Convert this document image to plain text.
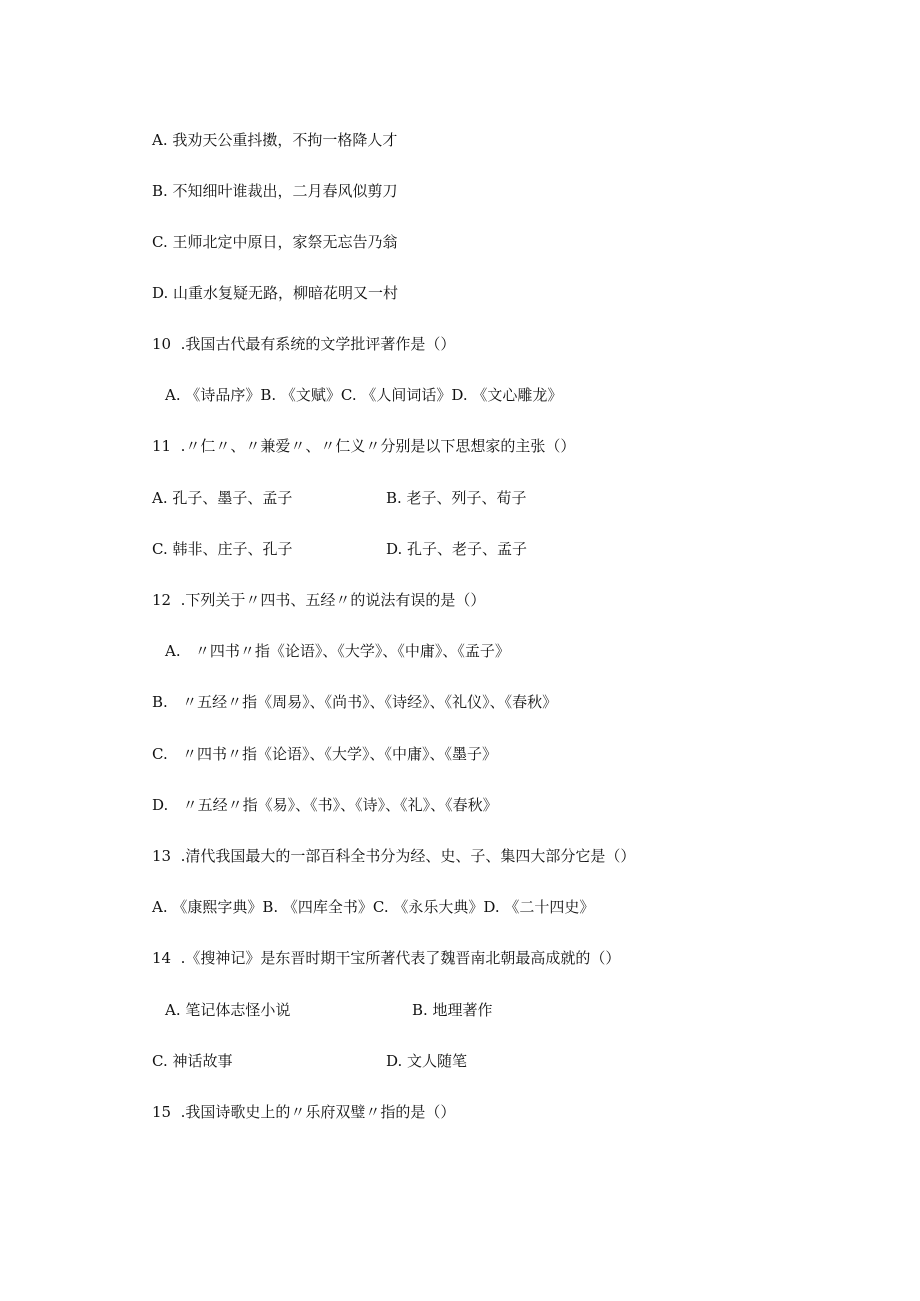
A. 我劝天公重抖擞，不拘一格降人才
B. 不知细叶谁裁出，二月春风似剪刀
C. 王师北定中原日，家祭无忘告乃翁
D. 山重水复疑无路，柳暗花明又一村
10  .我国古代最有系统的文学批评著作是（）
A. 《诗品序》B. 《文赋》C. 《人间词话》D. 《文心雕龙》
11  .〃仁〃、〃兼爱〃、〃仁义〃分别是以下思想家的主张（）
A. 孔子、墨子、孟子	B. 老子、列子、荀子
C. 韩非、庄子、孔子	D. 孔子、老子、孟子
12  .下列关于〃四书、五经〃的说法有误的是（）
A.   〃四书〃指《论语》、《大学》、《中庸》、《孟子》
B.   〃五经〃指《周易》、《尚书》、《诗经》、《礼仪》、《春秋》
C.   〃四书〃指《论语》、《大学》、《中庸》、《墨子》
D.   〃五经〃指《易》、《书》、《诗》、《礼》、《春秋》
13  .清代我国最大的一部百科全书分为经、史、子、集四大部分它是（）
A. 《康熙字典》B. 《四库全书》C. 《永乐大典》D. 《二十四史》
14  .《搜神记》是东晋时期干宝所著代表了魏晋南北朝最高成就的（）
A. 笔记体志怪小说	B. 地理著作
C. 神话故事	D. 文人随笔
15  .我国诗歌史上的〃乐府双璧〃指的是（）
